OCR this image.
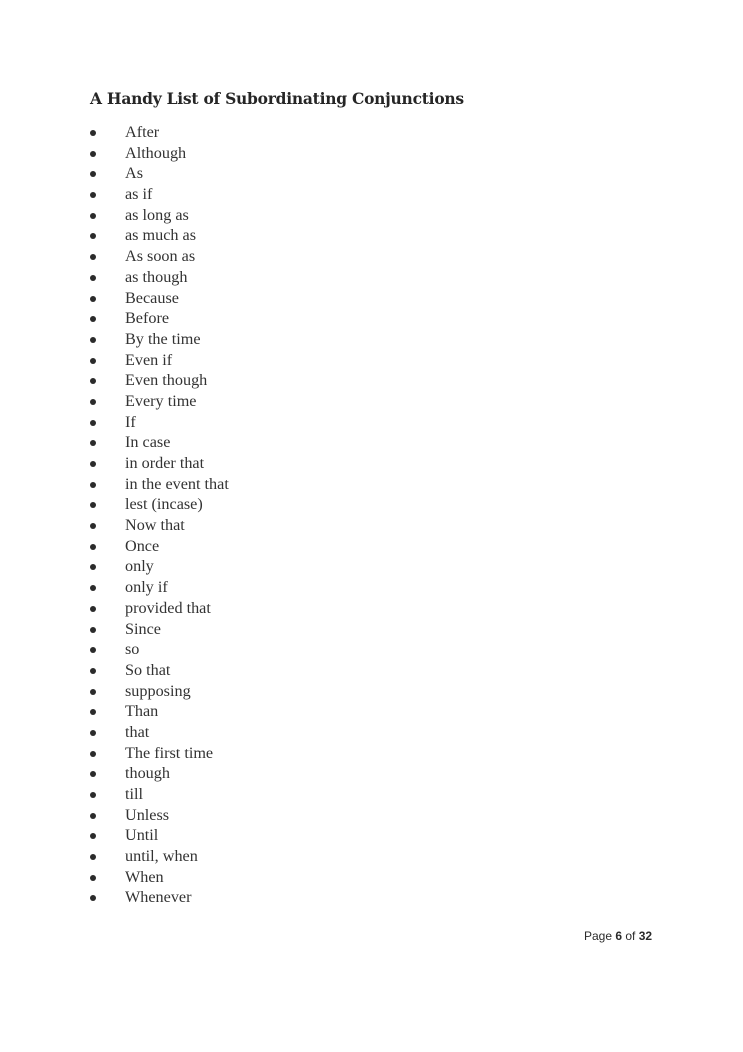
A Handy List of Subordinating Conjunctions
After
Although
As
as if
as long as
as much as
As soon as
as though
Because
Before
By the time
Even if
Even though
Every time
If
In case
in order that
in the event that
lest (incase)
Now that
Once
only
only if
provided that
Since
so
So that
supposing
Than
that
The first time
though
till
Unless
Until
until, when
When
Whenever
Page 6 of 32
